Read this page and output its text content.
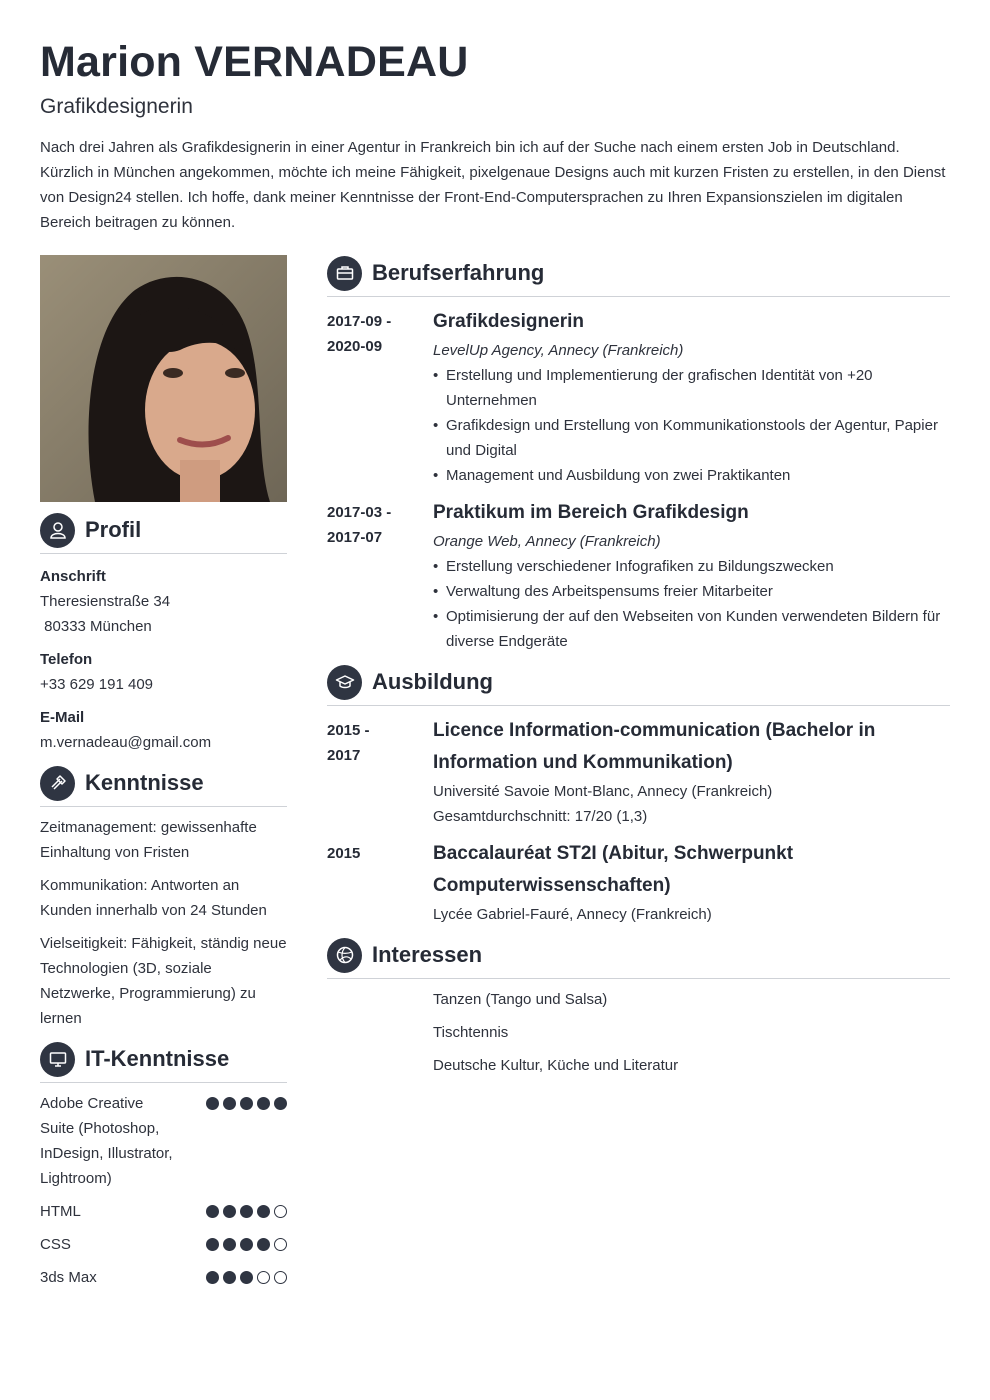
Marion VERNADEAU
Grafikdesignerin
Nach drei Jahren als Grafikdesignerin in einer Agentur in Frankreich bin ich auf der Suche nach einem ersten Job in Deutschland. Kürzlich in München angekommen, möchte ich meine Fähigkeit, pixelgenaue Designs auch mit kurzen Fristen zu erstellen, in den Dienst von Design24 stellen. Ich hoffe, dank meiner Kenntnisse der Front-End-Computersprachen zu Ihren Expansionszielen im digitalen Bereich beitragen zu können.
Profil
Anschrift
Theresienstraße 34
80333 München
Telefon
+33 629 191 409
E-Mail
m.vernadeau@gmail.com
Kenntnisse
Zeitmanagement: gewissenhafte Einhaltung von Fristen
Kommunikation: Antworten an Kunden innerhalb von 24 Stunden
Vielseitigkeit: Fähigkeit, ständig neue Technologien (3D, soziale Netzwerke, Programmierung) zu lernen
IT-Kenntnisse
Adobe Creative Suite (Photoshop, InDesign, Illustrator, Lightroom)
HTML
CSS
3ds Max
Berufserfahrung
2017-09 -
2020-09
Grafikdesignerin
LevelUp Agency, Annecy (Frankreich)
• Erstellung und Implementierung der grafischen Identität von +20 Unternehmen
• Grafikdesign und Erstellung von Kommunikationstools der Agentur, Papier und Digital
• Management und Ausbildung von zwei Praktikanten
2017-03 -
2017-07
Praktikum im Bereich Grafikdesign
Orange Web, Annecy (Frankreich)
• Erstellung verschiedener Infografiken zu Bildungszwecken
• Verwaltung des Arbeitspensums freier Mitarbeiter
• Optimisierung der auf den Webseiten von Kunden verwendeten Bildern für diverse Endgeräte
Ausbildung
2015 -
2017
Licence Information-communication (Bachelor in Information und Kommunikation)
Université Savoie Mont-Blanc, Annecy (Frankreich)
Gesamtdurchschnitt: 17/20 (1,3)
2015	Baccalauréat ST2I (Abitur, Schwerpunkt Computerwissenschaften)
Lycée Gabriel-Fauré, Annecy (Frankreich)
Interessen
Tanzen (Tango und Salsa)
Tischtennis
Deutsche Kultur, Küche und Literatur
